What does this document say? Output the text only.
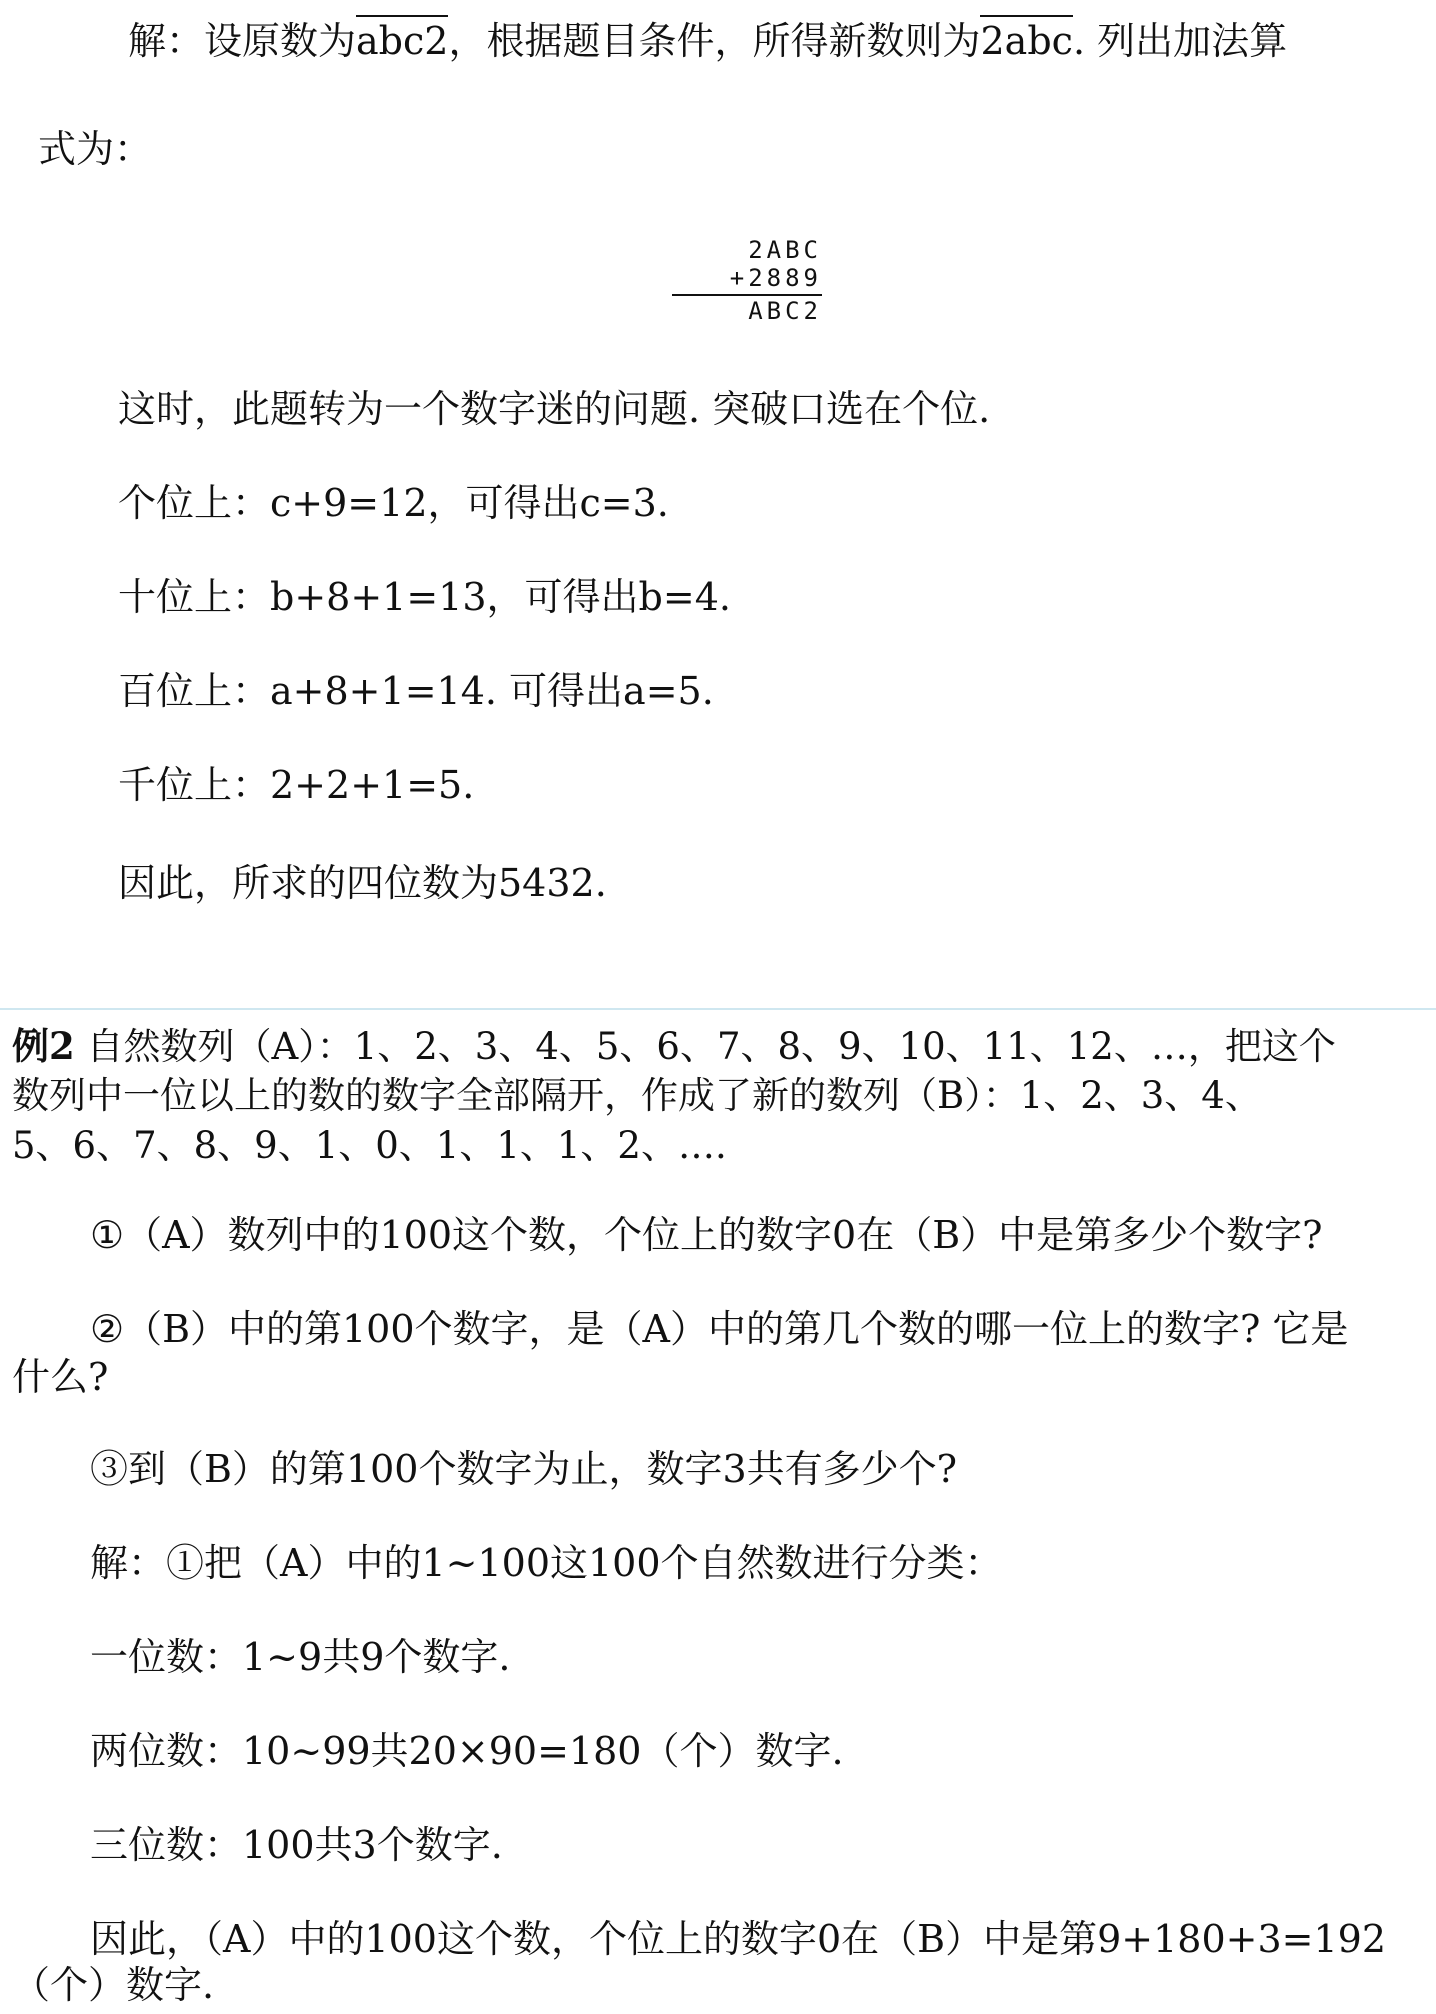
解：设原数为abc2，根据题目条件，所得新数则为2abc. 列出加法算
式为：
2ABC
+2889
ABC2
这时，此题转为一个数字迷的问题. 突破口选在个位.
个位上：c+9=12，可得出c=3.
十位上：b+8+1=13，可得出b=4.
百位上：a+8+1=14. 可得出a=5.
千位上：2+2+1=5.
因此，所求的四位数为5432.
例2 自然数列（A）：1、2、3、4、5、6、7、8、9、10、11、12、…，把这个
数列中一位以上的数的数字全部隔开，作成了新的数列（B）：1、2、3、4、
5、6、7、8、9、1、0、1、1、1、2、….
①（A）数列中的100这个数，个位上的数字0在（B）中是第多少个数字?
②（B）中的第100个数字，是（A）中的第几个数的哪一位上的数字? 它是
什么?
③到（B）的第100个数字为止，数字3共有多少个?
解：①把（A）中的1~100这100个自然数进行分类：
一位数：1~9共9个数字.
两位数：10~99共20×90=180（个）数字.
三位数：100共3个数字.
因此，（A）中的100这个数，个位上的数字0在（B）中是第9+180+3=192
（个）数字.
